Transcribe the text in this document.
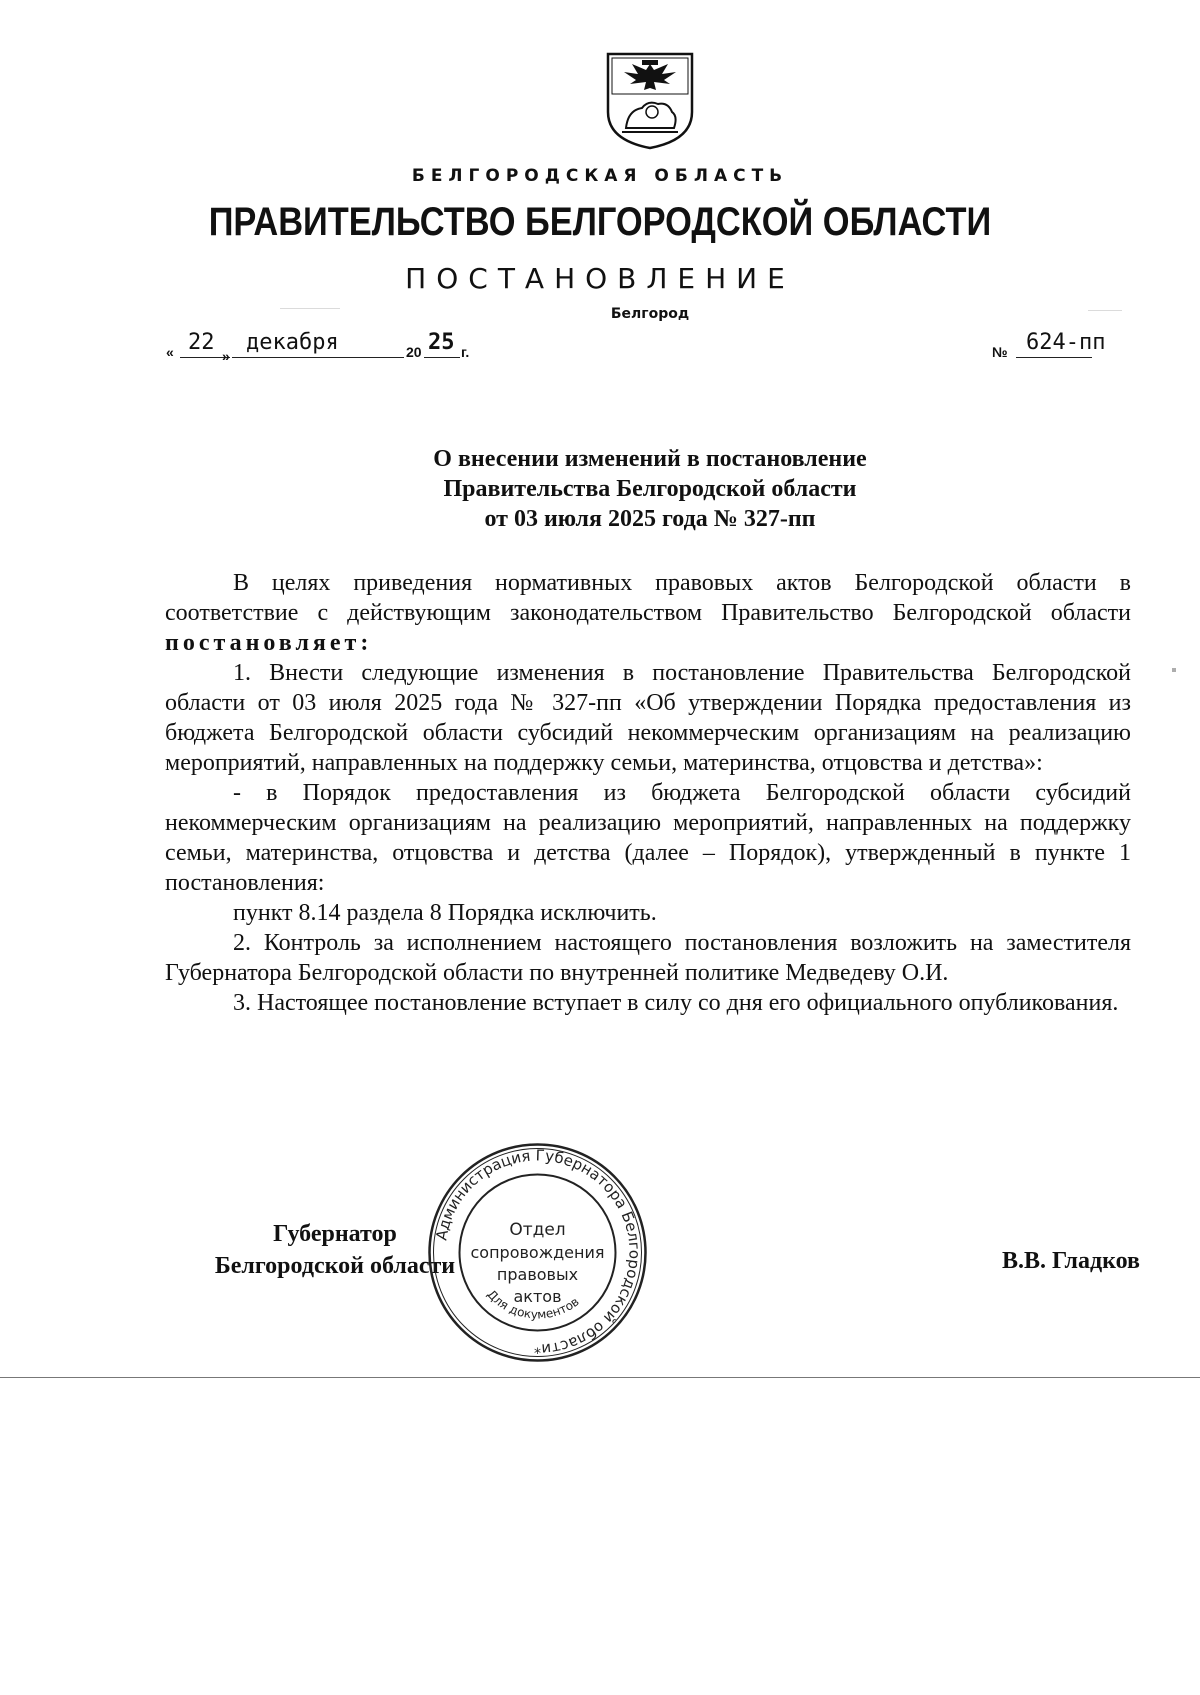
БЕЛГОРОДСКАЯ ОБЛАСТЬ
ПРАВИТЕЛЬСТВО БЕЛГОРОДСКОЙ ОБЛАСТИ
ПОСТАНОВЛЕНИЕ
Белгород
« 22
»
декабря	20 25 г.	№ 624-пп
О внесении изменений в постановление
Правительства Белгородской области
от 03 июля 2025 года № 327-пп

В целях приведения нормативных правовых актов Белгородской области в соответствие с действующим законодательством Правительство Белгородской области постановляет:

1. Внести следующие изменения в постановление Правительства Белгородской области от 03 июля 2025 года № 327-пп «Об утверждении Порядка предоставления из бюджета Белгородской области субсидий некоммерческим организациям на реализацию мероприятий, направленных на поддержку семьи, материнства, отцовства и детства»:

- в Порядок предоставления из бюджета Белгородской области субсидий некоммерческим организациям на реализацию мероприятий, направленных на поддержку семьи, материнства, отцовства и детства (далее – Порядок), утвержденный в пункте 1 постановления:

пункт 8.14 раздела 8 Порядка исключить.

2. Контроль за исполнением настоящего постановления возложить на заместителя Губернатора Белгородской области по внутренней политике Медведеву О.И.

3. Настоящее постановление вступает в силу со дня его официального опубликования.

Губернатор
Белгородской области	В.В. Гладков
Администрация Губернатора Белгородской области
Для документов
Отдел
сопровождения
правовых
актов
*
